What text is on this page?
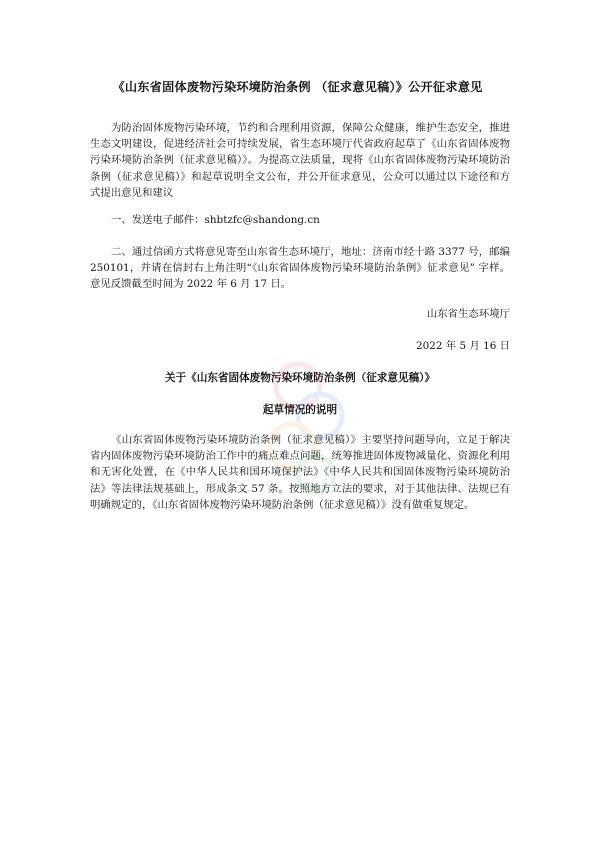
《山东省固体废物污染环境防治条例 （征求意见稿）》公开征求意见
为防治固体废物污染环境，节约和合理利用资源，保障公众健康，维护生态安全，推进生态文明建设，促进经济社会可持续发展，省生态环境厅代省政府起草了《山东省固体废物污染环境防治条例（征求意见稿）》。为提高立法质量，现将《山东省固体废物污染环境防治条例（征求意见稿）》和起草说明全文公布，并公开征求意见，公众可以通过以下途径和方式提出意见和建议
一、发送电子邮件：shbtzfc@shandong.cn
二、通过信函方式将意见寄至山东省生态环境厅，地址：济南市经十路 3377 号，邮编 250101，并请在信封右上角注明“《山东省固体废物污染环境防治条例》征求意见” 字样。意见反馈截至时间为 2022 年 6 月 17 日。
山东省生态环境厅
2022 年 5 月 16 日
关于《山东省固体废物污染环境防治条例（征求意见稿）》
起草情况的说明
《山东省固体废物污染环境防治条例（征求意见稿）》主要坚持问题导向，立足于解决省内固体废物污染环境防治工作中的痛点难点问题，统筹推进固体废物减量化、资源化利用和无害化处置，在《中华人民共和国环境保护法》《中华人民共和国固体废物污染环境防治法》等法律法规基础上，形成条文 57 条。按照地方立法的要求，对于其他法律、法规已有明确规定的，《山东省固体废物污染环境防治条例（征求意见稿）》没有做重复规定。
